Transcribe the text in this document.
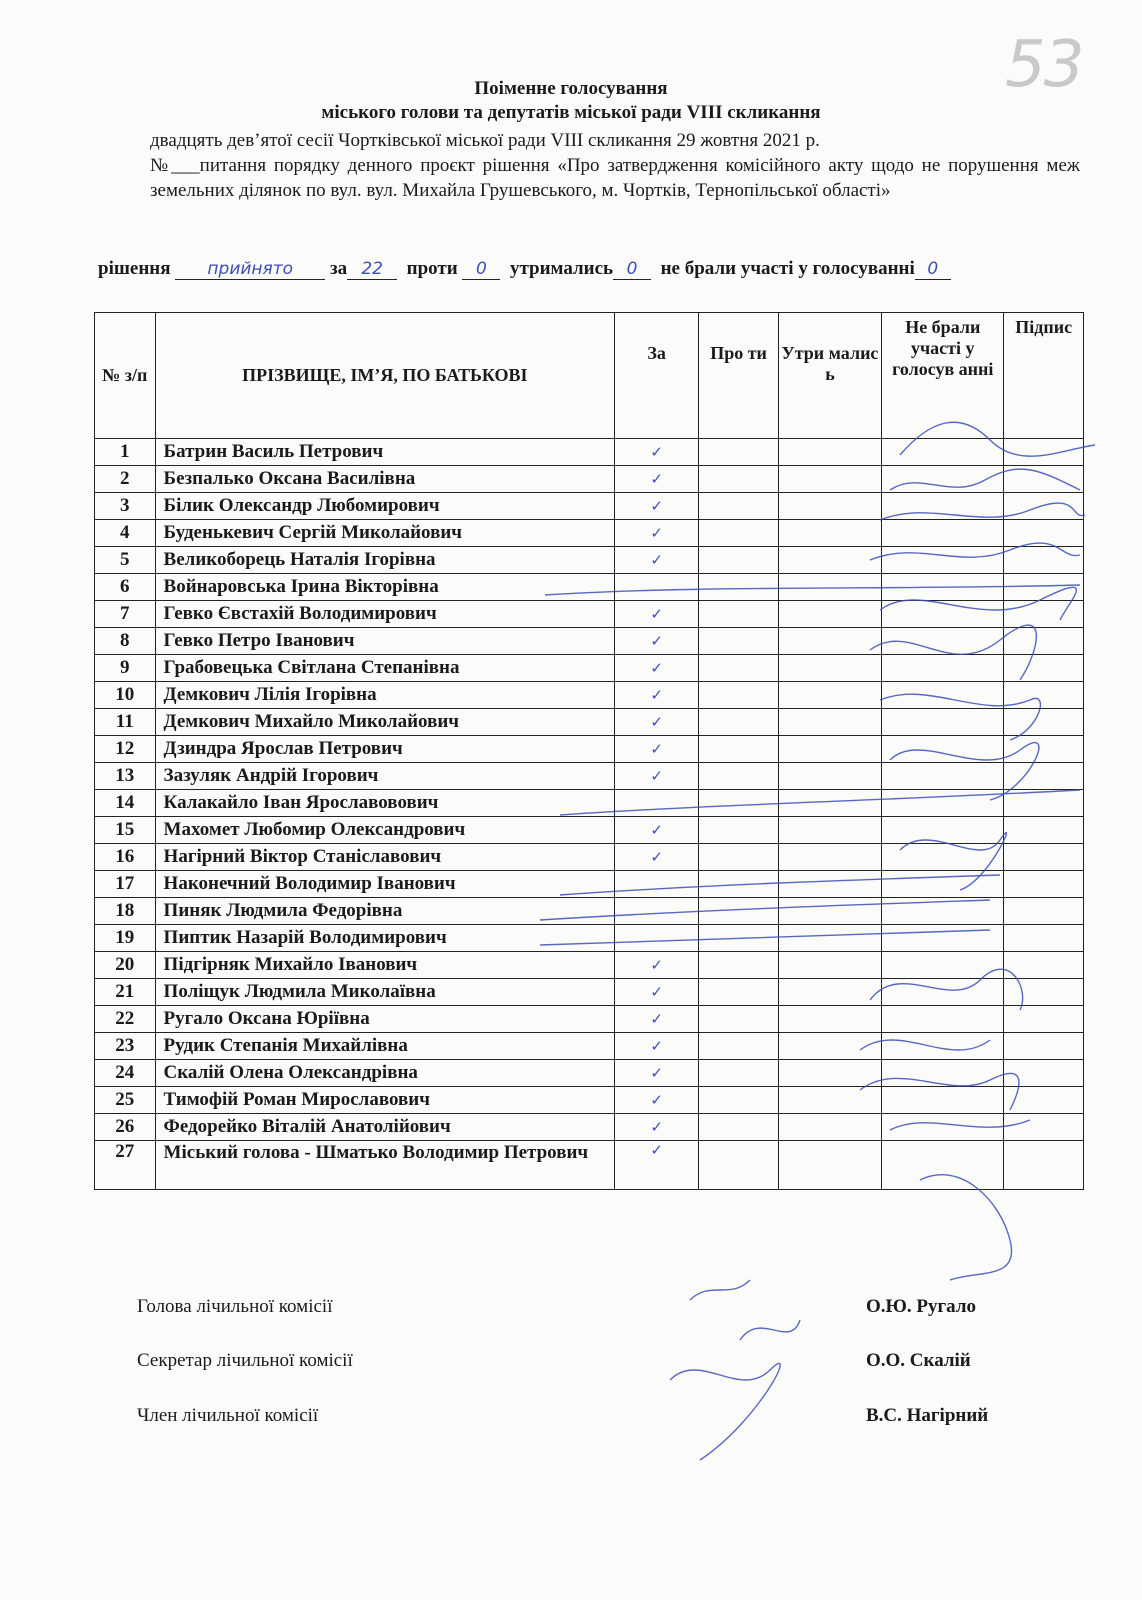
53
Поіменне голосування
міського голови та депутатів міської ради VIII скликання
двадцять дев’ятої сесії Чортківської міської ради VIII скликання 29 жовтня 2021 р.
№___питання порядку денного проєкт рішення «Про затвердження комісійного акту щодо не порушення меж земельних ділянок по вул. вул. Михайла Грушевського, м. Чортків, Тернопільської області»
рішення прийнято за 22 проти 0 утримались 0 не брали участі у голосуванні 0
№ з/п	ПРІЗВИЩЕ, ІМ’Я, ПО БАТЬКОВІ	За	Про ти	Утри малис ь	Не брали участі у голосув анні	Підпис
1	Батрин Василь Петрович	✓				
2	Безпалько Оксана Василівна	✓				
3	Білик Олександр Любомирович	✓				
4	Буденькевич Сергій Миколайович	✓				
5	Великоборець Наталія Ігорівна	✓				
6	Войнаровська Ірина Вікторівна					
7	Гевко Євстахій Володимирович	✓				
8	Гевко Петро Іванович	✓				
9	Грабовецька Світлана Степанівна	✓				
10	Демкович Лілія Ігорівна	✓				
11	Демкович Михайло Миколайович	✓				
12	Дзиндра Ярослав Петрович	✓				
13	Зазуляк Андрій Ігорович	✓				
14	Калакайло Іван Ярославовович					
15	Махомет Любомир Олександрович	✓				
16	Нагірний Віктор Станіславович	✓				
17	Наконечний Володимир Іванович					
18	Пиняк Людмила Федорівна					
19	Пиптик Назарій Володимирович					
20	Підгірняк Михайло Іванович	✓				
21	Поліщук Людмила Миколаївна	✓				
22	Ругало Оксана Юріївна	✓				
23	Рудик Степанія Михайлівна	✓				
24	Скалій Олена Олександрівна	✓				
25	Тимофій Роман Мирославович	✓				
26	Федорейко Віталій Анатолійович	✓				
27	Міський голова - Шматько Володимир Петрович	✓				
Голова лічильної комісії	О.Ю. Ругало
Секретар лічильної комісії	О.О. Скалій
Член лічильної комісії	В.С. Нагірний
